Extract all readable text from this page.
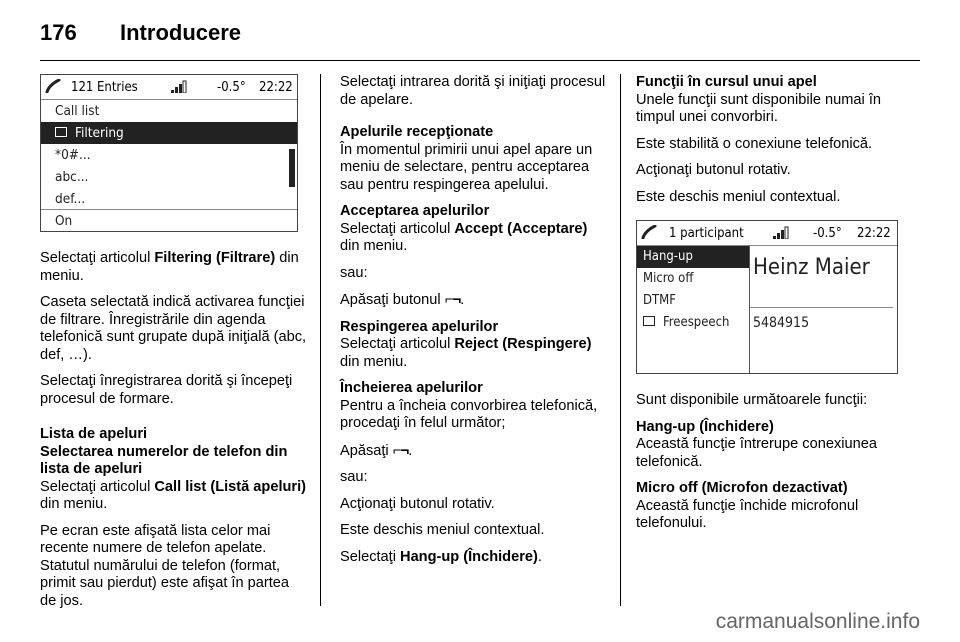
176 Introducere
121 Entries	-0.5° 22:22
Call list
Filtering
*0#...
abc...
def...
On

Selectaţi articolul Filtering (Filtrare) din meniu.

Caseta selectată indică activarea funcţiei de filtrare. Înregistrările din agenda telefonică sunt grupate după iniţială (abc, def, …).

Selectaţi înregistrarea dorită şi începeţi procesul de formare.

Lista de apeluri

Selectarea numerelor de telefon din lista de apeluri

Selectaţi articolul Call list (Listă apeluri) din meniu.

Pe ecran este afişată lista celor mai recente numere de telefon apelate. Statutul numărului de telefon (format, primit sau pierdut) este afişat în partea de jos.

Selectaţi intrarea dorită şi iniţiaţi procesul de apelare.

Apelurile recepţionate

În momentul primirii unui apel apare un meniu de selectare, pentru acceptarea sau pentru respingerea apelului.

Acceptarea apelurilor

Selectaţi articolul Accept (Acceptare) din meniu.

sau:

Apăsaţi butonul ⌐¬.

Respingerea apelurilor

Selectaţi articolul Reject (Respingere) din meniu.

Încheierea apelurilor

Pentru a încheia convorbirea telefonică, procedaţi în felul următor;

Apăsaţi ⌐¬.

sau:

Acţionaţi butonul rotativ.

Este deschis meniul contextual.

Selectaţi Hang-up (Închidere).

Funcţii în cursul unui apel

Unele funcţii sunt disponibile numai în timpul unei convorbiri.

Este stabilită o conexiune telefonică.

Acţionaţi butonul rotativ.

Este deschis meniul contextual.

1 participant	-0.5° 22:22
Heinz Maier
5484915
Hang-up
Micro off
DTMF
Freespeech

Sunt disponibile următoarele funcţii:

Hang-up (Închidere)

Această funcţie întrerupe conexiunea telefonică.

Micro off (Microfon dezactivat)

Această funcţie închide microfonul telefonului.

carmanualsonline.info
